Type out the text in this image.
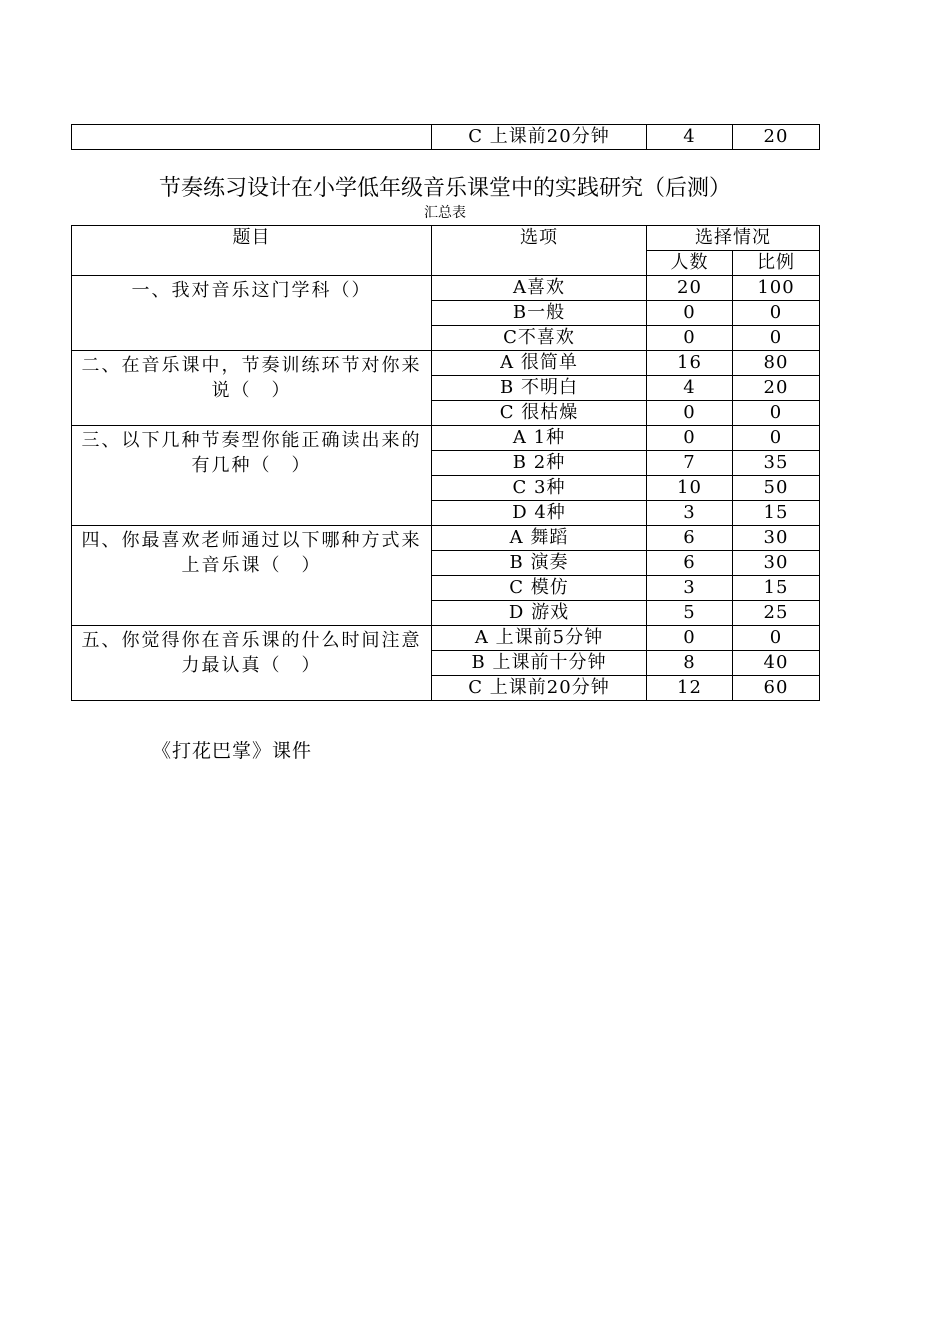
	C 上课前20分钟	4	20
节奏练习设计在小学低年级音乐课堂中的实践研究（后测）
汇总表
题目	选项	选择情况	
		人数	比例
一、我对音乐这门学科（）	A喜欢	20	100
	B一般	0	0
	C不喜欢	0	0
二、在音乐课中，节奏训练环节对你来说（　）	A 很简单	16	80
	B 不明白	4	20
	C 很枯燥	0	0
三、以下几种节奏型你能正确读出来的有几种（　）	A 1种	0	0
	B 2种	7	35
	C 3种	10	50
	D 4种	3	15
四、你最喜欢老师通过以下哪种方式来上音乐课（　）	A 舞蹈	6	30
	B 演奏	6	30
	C 模仿	3	15
	D 游戏	5	25
五、你觉得你在音乐课的什么时间注意力最认真（　）	A 上课前5分钟	0	0
	B 上课前十分钟	8	40
	C 上课前20分钟	12	60
《打花巴掌》课件
